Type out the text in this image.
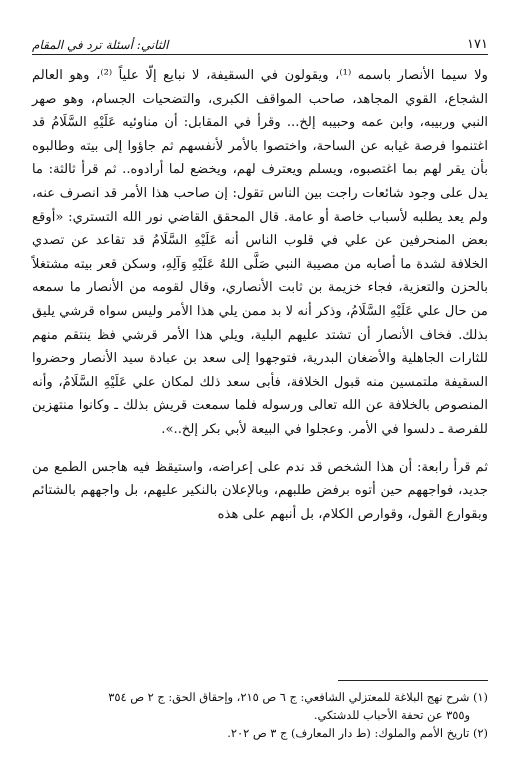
١٧١
الثاني: أسئلة ترد في المقام

ولا سيما الأنصار باسمه ⁽¹⁾، ويقولون في السقيفة، لا نبايع إلّا علياً ⁽²⁾، وهو العالم الشجاع، القوي المجاهد، صاحب المواقف الكبرى، والتضحيات الجسام، وهو صهر النبي وربيبه، وابن عمه وحبيبه إلخ... وقرأ في المقابل: أن مناوئيه عَلَيْهِ السَّلَامُ قد اغتنموا فرصة غيابه عن الساحة، واختصوا بالأمر لأنفسهم ثم جاؤوا إلى بيته وطالبوه بأن يقر لهم بما اغتصبوه، ويسلم ويعترف لهم، ويخضع لما أرادوه.. ثم قرأ ثالثة: ما يدل على وجود شائعات راجت بين الناس تقول: إن صاحب هذا الأمر قد انصرف عنه، ولم يعد يطلبه لأسباب خاصة أو عامة. قال المحقق القاضي نور الله التستري: «أوقع بعض المنحرفين عن علي في قلوب الناس أنه عَلَيْهِ السَّلَامُ قد تقاعد عن تصدي الخلافة لشدة ما أصابه من مصيبة النبي صَلَّى اللهُ عَلَيْهِ وَآلِهِ، وسكن قعر بيته مشتغلاً بالحزن والتعزية، فجاء خزيمة بن ثابت الأنصاري، وقال لقومه من الأنصار ما سمعه من حال علي عَلَيْهِ السَّلَامُ، وذكر أنه لا بد ممن يلي هذا الأمر وليس سواه قرشي يليق بذلك. فخاف الأنصار أن تشتد عليهم البلية، ويلي هذا الأمر قرشي فظ ينتقم منهم للثارات الجاهلية والأضغان البدرية، فتوجهوا إلى سعد بن عبادة سيد الأنصار وحضروا السقيفة ملتمسين منه قبول الخلافة، فأبى سعد ذلك لمكان علي عَلَيْهِ السَّلَامُ، وأنه المنصوص بالخلافة عن الله تعالى ورسوله فلما سمعت قريش بذلك ـ وكانوا منتهزين للفرصة ـ دلسوا في الأمر. وعجلوا في البيعة لأبي بكر إلخ..».

ثم قرأ رابعة: أن هذا الشخص قد ندم على إعراضه، واستيقظ فيه هاجس الطمع من جديد، فواجههم حين أتوه برفض طلبهم، وبالإعلان بالنكير عليهم، بل واجههم بالشتائم وبقوارع القول، وقوارص الكلام، بل أنبهم على هذه

(١) شرح نهج البلاغة للمعتزلي الشافعي: ج ٦ ص ٢١٥، وإحقاق الحق: ج ٢ ص ٣٥٤
و٣٥٥ عن تحفة الأحباب للدشتكي.
(٢) تاريخ الأمم والملوك: (ط دار المعارف) ج ٣ ص ٢٠٢.
